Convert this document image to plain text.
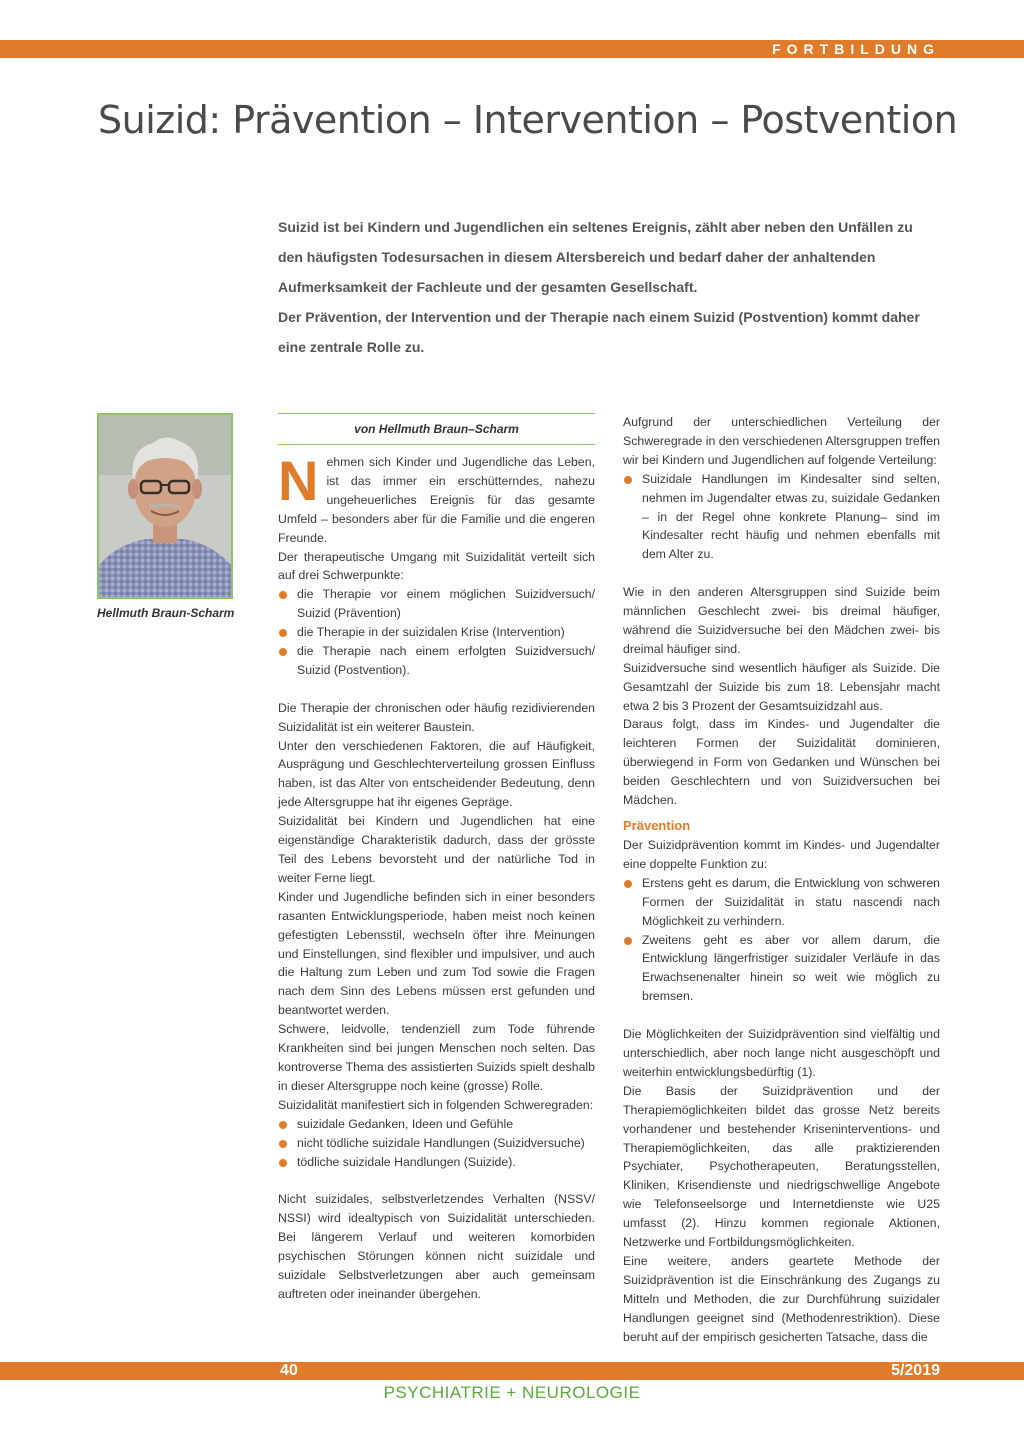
FORTBILDUNG
Suizid: Prävention – Intervention – Postvention

Suizid ist bei Kindern und Jugendlichen ein seltenes Ereignis, zählt aber neben den Unfällen zu den häufigsten Todesursachen in diesem Altersbereich und bedarf daher der anhaltenden Aufmerksamkeit der Fachleute und der gesamten Gesellschaft.

Der Prävention, der Intervention und der Therapie nach einem Suizid (Postvention) kommt daher eine zentrale Rolle zu.

Hellmuth Braun-Scharm
von Hellmuth Braun–Scharm

Nehmen sich Kinder und Jugendliche das Leben, ist das immer ein erschütterndes, nahezu ungeheuerliches Ereignis für das gesamte Umfeld – besonders aber für die Familie und die engeren Freunde.

Der therapeutische Umgang mit Suizidalität verteilt sich auf drei Schwerpunkte:

die Therapie vor einem möglichen Suizidversuch/ Suizid (Prävention)
die Therapie in der suizidalen Krise (Intervention)
die Therapie nach einem erfolgten Suizidversuch/ Suizid (Postvention).

Die Therapie der chronischen oder häufig rezidivierenden Suizidalität ist ein weiterer Baustein.

Unter den verschiedenen Faktoren, die auf Häufigkeit, Ausprägung und Geschlechterverteilung grossen Einfluss haben, ist das Alter von entscheidender Bedeutung, denn jede Altersgruppe hat ihr eigenes Gepräge.

Suizidalität bei Kindern und Jugendlichen hat eine eigenständige Charakteristik dadurch, dass der grösste Teil des Lebens bevorsteht und der natürliche Tod in weiter Ferne liegt.

Kinder und Jugendliche befinden sich in einer besonders rasanten Entwicklungsperiode, haben meist noch keinen gefestigten Lebensstil, wechseln öfter ihre Meinungen und Einstellungen, sind flexibler und impulsiver, und auch die Haltung zum Leben und zum Tod sowie die Fragen nach dem Sinn des Lebens müssen erst gefunden und beantwortet werden.

Schwere, leidvolle, tendenziell zum Tode führende Krankheiten sind bei jungen Menschen noch selten. Das kontroverse Thema des assistierten Suizids spielt deshalb in dieser Altersgruppe noch keine (grosse) Rolle.

Suizidalität manifestiert sich in folgenden Schweregraden:

suizidale Gedanken, Ideen und Gefühle
nicht tödliche suizidale Handlungen (Suizidversuche)
tödliche suizidale Handlungen (Suizide).

Nicht suizidales, selbstverletzendes Verhalten (NSSV/ NSSI) wird idealtypisch von Suizidalität unterschieden. Bei längerem Verlauf und weiteren komorbiden psychischen Störungen können nicht suizidale und suizidale Selbstverletzungen aber auch gemeinsam auftreten oder ineinander übergehen.

Aufgrund der unterschiedlichen Verteilung der Schweregrade in den verschiedenen Altersgruppen treffen wir bei Kindern und Jugendlichen auf folgende Verteilung:

Suizidale Handlungen im Kindesalter sind selten, nehmen im Jugendalter etwas zu, suizidale Gedanken – in der Regel ohne konkrete Planung– sind im Kindesalter recht häufig und nehmen ebenfalls mit dem Alter zu.

Wie in den anderen Altersgruppen sind Suizide beim männlichen Geschlecht zwei- bis dreimal häufiger, während die Suizidversuche bei den Mädchen zwei- bis dreimal häufiger sind.

Suizidversuche sind wesentlich häufiger als Suizide. Die Gesamtzahl der Suizide bis zum 18. Lebensjahr macht etwa 2 bis 3 Prozent der Gesamtsuizidzahl aus.

Daraus folgt, dass im Kindes- und Jugendalter die leichteren Formen der Suizidalität dominieren, überwiegend in Form von Gedanken und Wünschen bei beiden Geschlechtern und von Suizidversuchen bei Mädchen.

Prävention

Der Suizidprävention kommt im Kindes- und Jugendalter eine doppelte Funktion zu:

Erstens geht es darum, die Entwicklung von schweren Formen der Suizidalität in statu nascendi nach Möglichkeit zu verhindern.
Zweitens geht es aber vor allem darum, die Entwicklung längerfristiger suizidaler Verläufe in das Erwachsenenalter hinein so weit wie möglich zu bremsen.

Die Möglichkeiten der Suizidprävention sind vielfältig und unterschiedlich, aber noch lange nicht ausgeschöpft und weiterhin entwicklungsbedürftig (1).

Die Basis der Suizidprävention und der Therapiemöglichkeiten bildet das grosse Netz bereits vorhandener und bestehender Kriseninterventions- und Therapiemöglichkeiten, das alle praktizierenden Psychiater, Psychotherapeuten, Beratungsstellen, Kliniken, Krisendienste und niedrigschwellige Angebote wie Telefonseelsorge und Internetdienste wie U25 umfasst (2). Hinzu kommen regionale Aktionen, Netzwerke und Fortbildungsmöglichkeiten.

Eine weitere, anders geartete Methode der Suizidprävention ist die Einschränkung des Zugangs zu Mitteln und Methoden, die zur Durchführung suizidaler Handlungen geeignet sind (Methodenrestriktion). Diese beruht auf der empirisch gesicherten Tatsache, dass die

40	5/2019
PSYCHIATRIE + NEUROLOGIE
